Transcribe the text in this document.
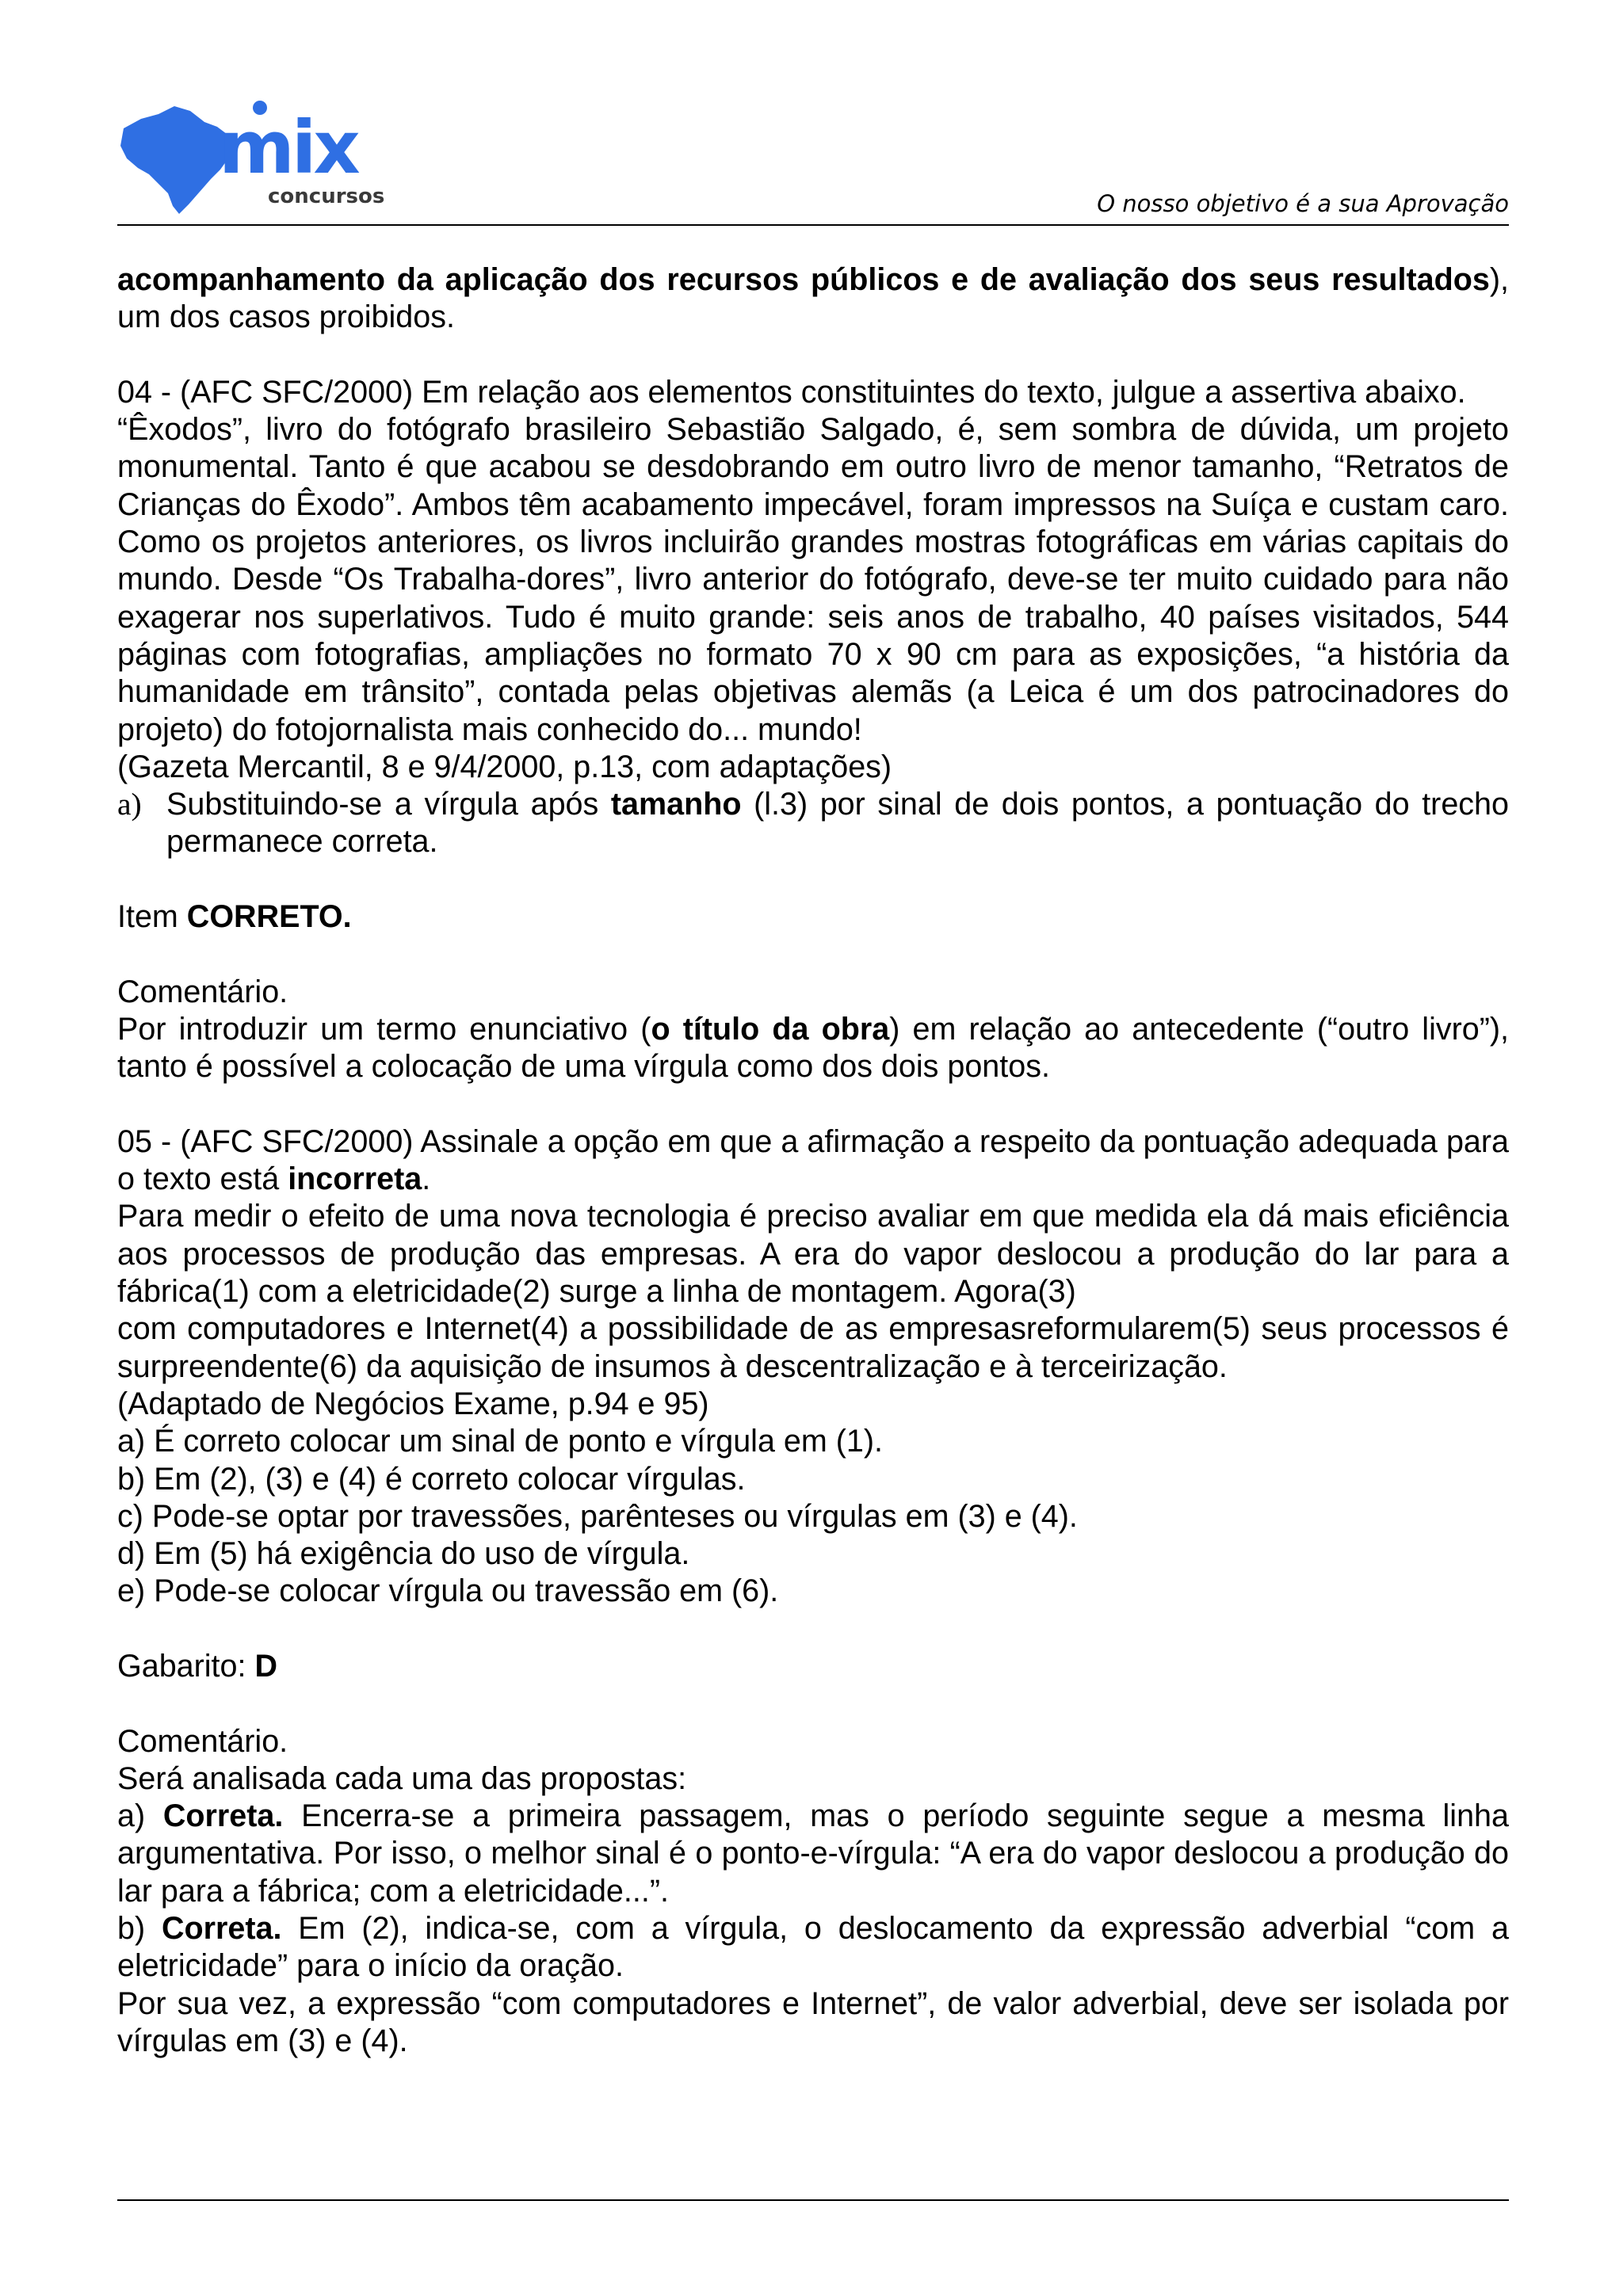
mix
concursos	O nosso objetivo é a sua Aprovação

acompanhamento da aplicação dos recursos públicos e de avaliação dos seus resultados), um dos casos proibidos.

04 - (AFC SFC/2000) Em relação aos elementos constituintes do texto, julgue a assertiva abaixo.

“Êxodos”, livro do fotógrafo brasileiro Sebastião Salgado, é, sem sombra de dúvida, um projeto monumental. Tanto é que acabou se desdobrando em outro livro de menor tamanho, “Retratos de Crianças do Êxodo”. Ambos têm acabamento impecável, foram impressos na Suíça e custam caro. Como os projetos anteriores, os livros incluirão grandes mostras fotográficas em várias capitais do mundo. Desde “Os Trabalha-dores”, livro anterior do fotógrafo, deve-se ter muito cuidado para não exagerar nos superlativos. Tudo é muito grande: seis anos de trabalho, 40 países visitados, 544 páginas com fotografias, ampliações no formato 70 x 90 cm para as exposições, “a história da humanidade em trânsito”, contada pelas objetivas alemãs (a Leica é um dos patrocinadores do projeto) do fotojornalista mais conhecido do... mundo!

(Gazeta Mercantil, 8 e 9/4/2000, p.13, com adaptações)

a) Substituindo-se a vírgula após tamanho (l.3) por sinal de dois pontos, a pontuação do trecho permanece correta.

Item CORRETO.

Comentário.

Por introduzir um termo enunciativo (o título da obra) em relação ao antecedente (“outro livro”), tanto é possível a colocação de uma vírgula como dos dois pontos.

05 - (AFC SFC/2000) Assinale a opção em que a afirmação a respeito da pontuação adequada para o texto está incorreta.

Para medir o efeito de uma nova tecnologia é preciso avaliar em que medida ela dá mais eficiência aos processos de produção das empresas. A era do vapor deslocou a produção do lar para a fábrica(1) com a eletricidade(2) surge a linha de montagem. Agora(3)

com computadores e Internet(4) a possibilidade de as empresasreformularem(5) seus processos é surpreendente(6) da aquisição de insumos à descentralização e à terceirização.

(Adaptado de Negócios Exame, p.94 e 95)

a) É correto colocar um sinal de ponto e vírgula em (1).

b) Em (2), (3) e (4) é correto colocar vírgulas.

c) Pode-se optar por travessões, parênteses ou vírgulas em (3) e (4).

d) Em (5) há exigência do uso de vírgula.

e) Pode-se colocar vírgula ou travessão em (6).

Gabarito: D

Comentário.

Será analisada cada uma das propostas:

a) Correta. Encerra-se a primeira passagem, mas o período seguinte segue a mesma linha argumentativa. Por isso, o melhor sinal é o ponto-e-vírgula: “A era do vapor deslocou a produção do lar para a fábrica; com a eletricidade...”.

b) Correta. Em (2), indica-se, com a vírgula, o deslocamento da expressão adverbial “com a eletricidade” para o início da oração.

Por sua vez, a expressão “com computadores e Internet”, de valor adverbial, deve ser isolada por vírgulas em (3) e (4).
